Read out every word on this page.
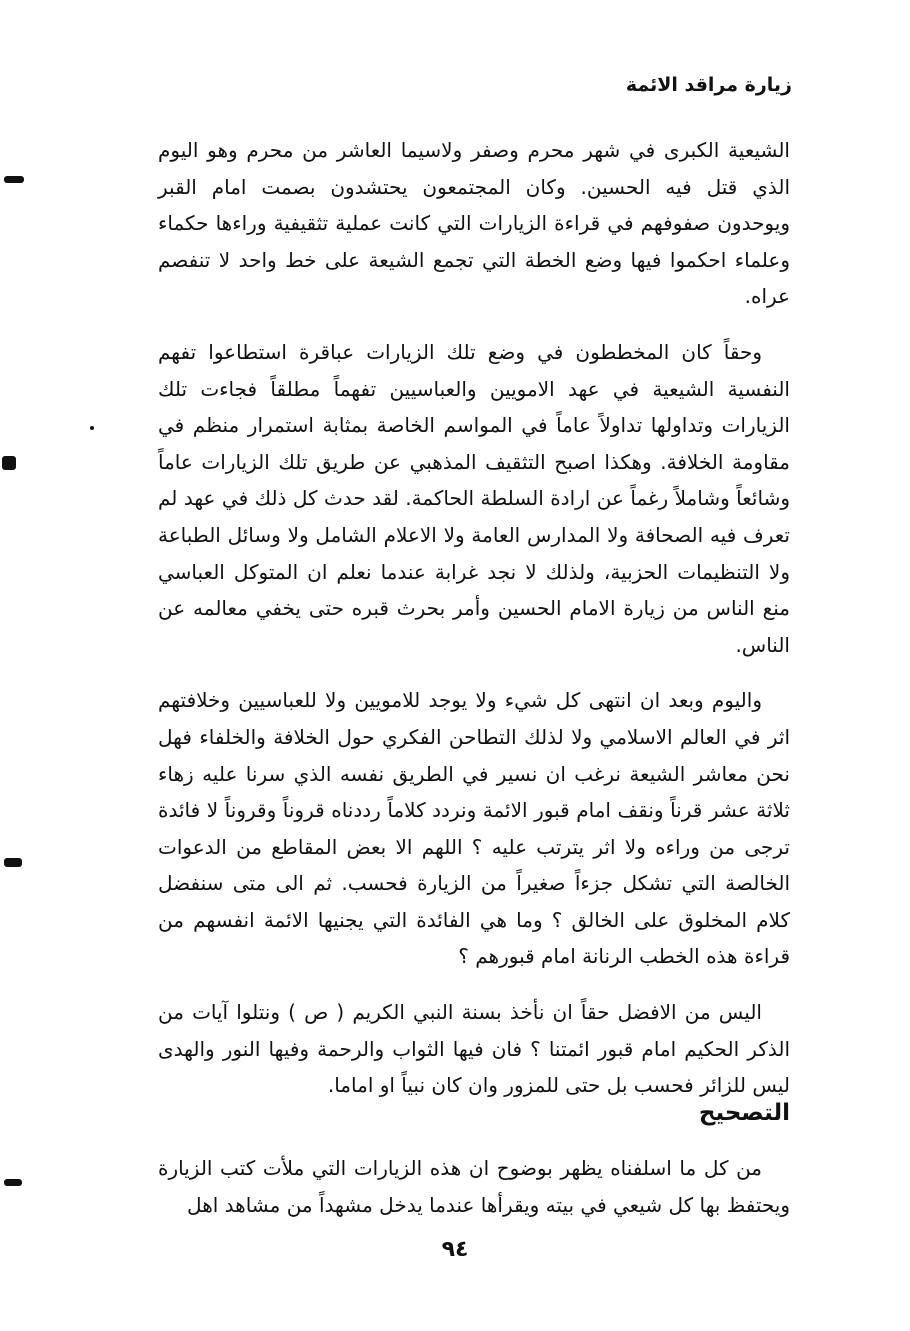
زيارة مراقد الائمة

الشيعية الكبرى في شهر محرم وصفر ولاسيما العاشر من محرم وهو اليوم الذي قتل فيه الحسين. وكان المجتمعون يحتشدون بصمت امام القبر ويوحدون صفوفهم في قراءة الزيارات التي كانت عملية تثقيفية وراءها حكماء وعلماء احكموا فيها وضع الخطة التي تجمع الشيعة على خط واحد لا تنفصم عراه.

وحقاً كان المخططون في وضع تلك الزيارات عباقرة استطاعوا تفهم النفسية الشيعية في عهد الامويين والعباسيين تفهماً مطلقاً فجاءت تلك الزيارات وتداولها تداولاً عاماً في المواسم الخاصة بمثابة استمرار منظم في مقاومة الخلافة. وهكذا اصبح التثقيف المذهبي عن طريق تلك الزيارات عاماً وشائعاً وشاملاً رغماً عن ارادة السلطة الحاكمة. لقد حدث كل ذلك في عهد لم تعرف فيه الصحافة ولا المدارس العامة ولا الاعلام الشامل ولا وسائل الطباعة ولا التنظيمات الحزبية، ولذلك لا نجد غرابة عندما نعلم ان المتوكل العباسي منع الناس من زيارة الامام الحسين وأمر بحرث قبره حتى يخفي معالمه عن الناس.

واليوم وبعد ان انتهى كل شيء ولا يوجد للامويين ولا للعباسيين وخلافتهم اثر في العالم الاسلامي ولا لذلك التطاحن الفكري حول الخلافة والخلفاء فهل نحن معاشر الشيعة نرغب ان نسير في الطريق نفسه الذي سرنا عليه زهاء ثلاثة عشر قرناً ونقف امام قبور الائمة ونردد كلاماً رددناه قروناً وقروناً لا فائدة ترجى من وراءه ولا اثر يترتب عليه ؟ اللهم الا بعض المقاطع من الدعوات الخالصة التي تشكل جزءاً صغيراً من الزيارة فحسب. ثم الى متى سنفضل كلام المخلوق على الخالق ؟ وما هي الفائدة التي يجنيها الائمة انفسهم من قراءة هذه الخطب الرنانة امام قبورهم ؟

اليس من الافضل حقاً ان نأخذ بسنة النبي الكريم ( ص ) ونتلوا آيات من الذكر الحكيم امام قبور ائمتنا ؟ فان فيها الثواب والرحمة وفيها النور والهدى ليس للزائر فحسب بل حتى للمزور وان كان نبياً او اماما.

التصحيح

من كل ما اسلفناه يظهر بوضوح ان هذه الزيارات التي ملأت كتب الزيارة ويحتفظ بها كل شيعي في بيته ويقرأها عندما يدخل مشهداً من مشاهد اهل

٩٤
